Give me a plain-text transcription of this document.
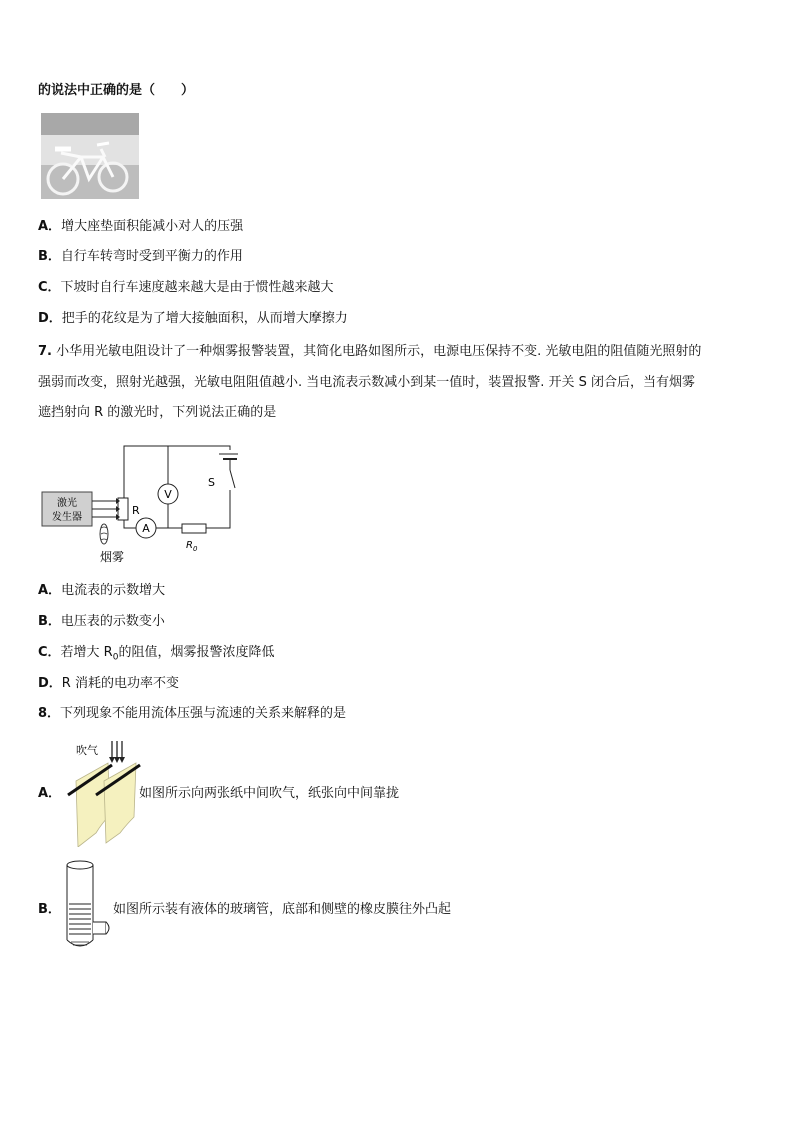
的说法中正确的是（　　）
A．增大座垫面积能减小对人的压强
B．自行车转弯时受到平衡力的作用
C．下坡时自行车速度越来越大是由于惯性越来越大
D．把手的花纹是为了增大接触面积，从而增大摩擦力
7. 小华用光敏电阻设计了一种烟雾报警装置，其简化电路如图所示，电源电压保持不变. 光敏电阻的阻值随光照射的
强弱而改变，照射光越强，光敏电阻阻值越小. 当电流表示数减小到某一值时，装置报警. 开关 S 闭合后，当有烟雾
遮挡射向 R 的激光时，下列说法正确的是
V
S
R
A
$R_0$
激光
发生器
烟雾
A．电流表的示数增大
B．电压表的示数变小
C．若增大 $R_0$的阻值，烟雾报警浓度降低
D．R 消耗的电功率不变
8．下列现象不能用流体压强与流速的关系来解释的是
A．
吹气
如图所示向两张纸中间吹气，纸张向中间靠拢
B．	如图所示装有液体的玻璃管，底部和侧壁的橡皮膜往外凸起
